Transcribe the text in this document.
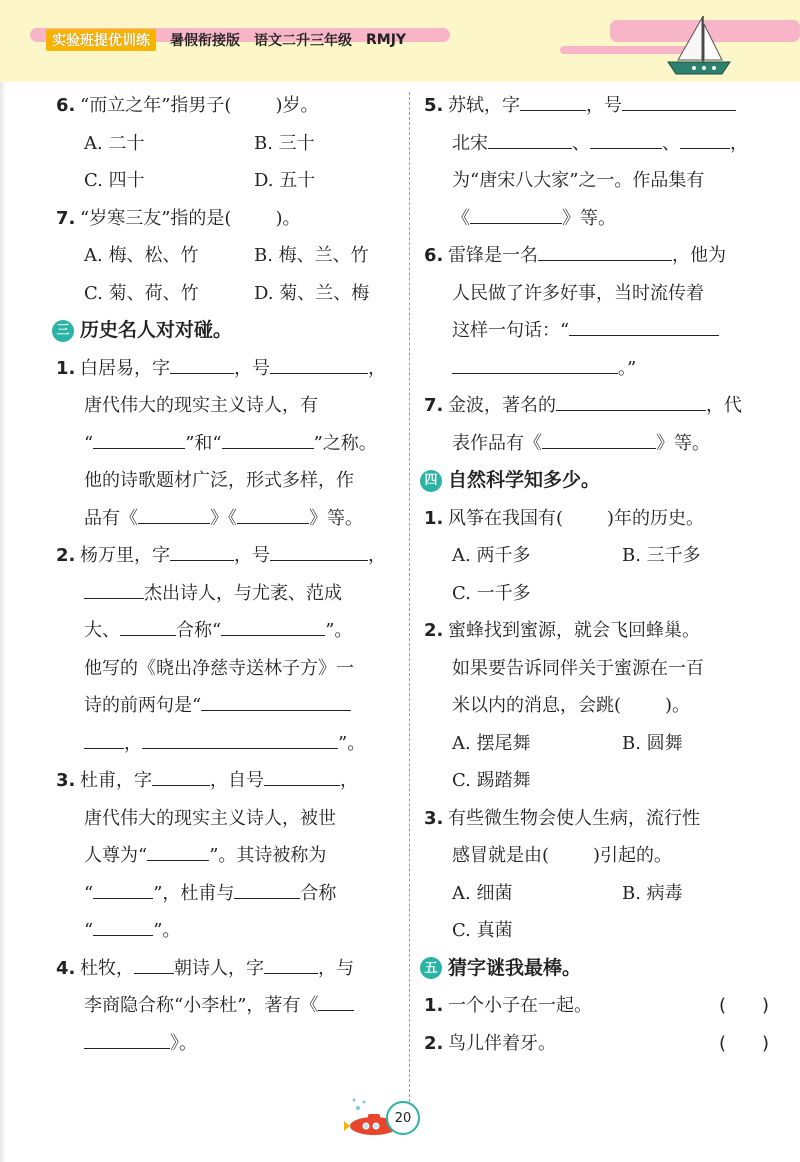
实验班提优训练	暑假衔接版 语文二升三年级 RMJY
6. “而立之年”指男子( )岁。
A. 二十	B. 三十
C. 四十	D. 五十
7. “岁寒三友”指的是( )。
A. 梅、松、竹	B. 梅、兰、竹
C. 菊、荷、竹	D. 菊、兰、梅
三 历史名人对对碰。
1. 白居易，字	，号	，
唐代伟大的现实主义诗人，有
“	”和“	”之称。
他的诗歌题材广泛，形式多样，作
品有《	》《	》等。
2. 杨万里，字	，号	，
杰出诗人，与尤袤、范成
大、	合称“	”。
他写的《晓出净慈寺送林子方》一
诗的前两句是“
，	”。
3. 杜甫，字	，自号	，
唐代伟大的现实主义诗人，被世
人尊为“	”。其诗被称为
“	”，杜甫与	合称
“	”。
4. 杜牧， 朝诗人，字	，与
李商隐合称“小李杜”，著有《
》。
5. 苏轼，字	，号
北宋	、	、	，
为“唐宋八大家”之一。作品集有
《	》等。
6. 雷锋是一名	，他为
人民做了许多好事，当时流传着
这样一句话：“
。”
7. 金波，著名的	，代
表作品有《	》等。
四 自然科学知多少。
1. 风筝在我国有( )年的历史。
A. 两千多	B. 三千多
C. 一千多
2. 蜜蜂找到蜜源，就会飞回蜂巢。
如果要告诉同伴关于蜜源在一百
米以内的消息，会跳( )。
A. 摆尾舞	B. 圆舞
C. 踢踏舞
3. 有些微生物会使人生病，流行性
感冒就是由( )引起的。
A. 细菌	B. 病毒
C. 真菌
五 猜字谜我最棒。
1. 一个小子在一起。	(　　)
2. 鸟儿伴着牙。	(　　)
20
